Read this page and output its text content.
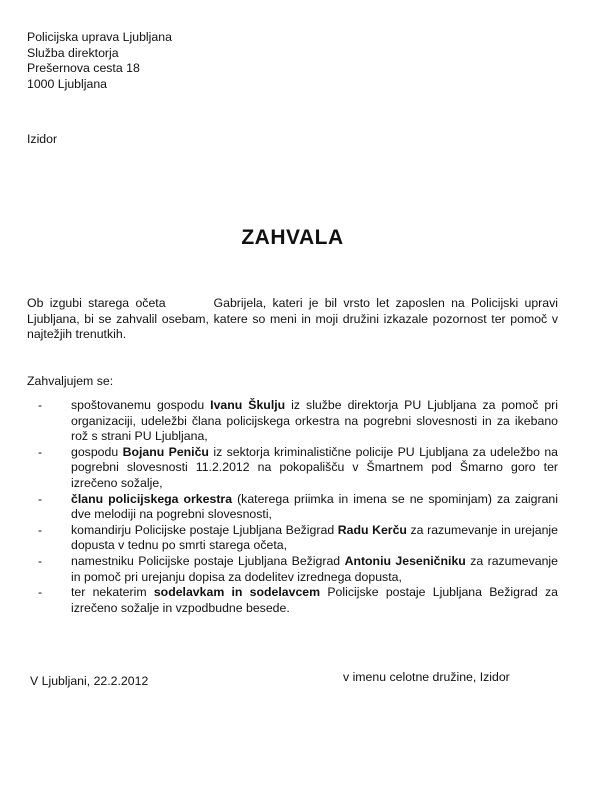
Policijska uprava Ljubljana
Služba direktorja
Prešernova cesta 18
1000 Ljubljana
Izidor
ZAHVALA
Ob izgubi starega očeta	Gabrijela, kateri je bil vrsto let zaposlen na Policijski upravi Ljubljana, bi se zahvalil osebam, katere so meni in moji družini izkazale pozornost ter pomoč v najtežjih trenutkih.
Zahvaljujem se:
- spoštovanemu gospodu Ivanu Škulju iz službe direktorja PU Ljubljana za pomoč pri organizaciji, udeležbi člana policijskega orkestra na pogrebni slovesnosti in za ikebano rož s strani PU Ljubljana,
- gospodu Bojanu Peniču iz sektorja kriminalistične policije PU Ljubljana za udeležbo na pogrebni slovesnosti 11.2.2012 na pokopališču v Šmartnem pod Šmarno goro ter izrečeno sožalje,
- članu policijskega orkestra (katerega priimka in imena se ne spominjam) za zaigrani dve melodiji na pogrebni slovesnosti,
- komandirju Policijske postaje Ljubljana Bežigrad Radu Kerču za razumevanje in urejanje dopusta v tednu po smrti starega očeta,
- namestniku Policijske postaje Ljubljana Bežigrad Antoniu Jeseničniku za razumevanje in pomoč pri urejanju dopisa za dodelitev izrednega dopusta,
- ter nekaterim sodelavkam in sodelavcem Policijske postaje Ljubljana Bežigrad za izrečeno sožalje in vzpodbudne besede.
V Ljubljani, 22.2.2012	v imenu celotne družine, Izidor
